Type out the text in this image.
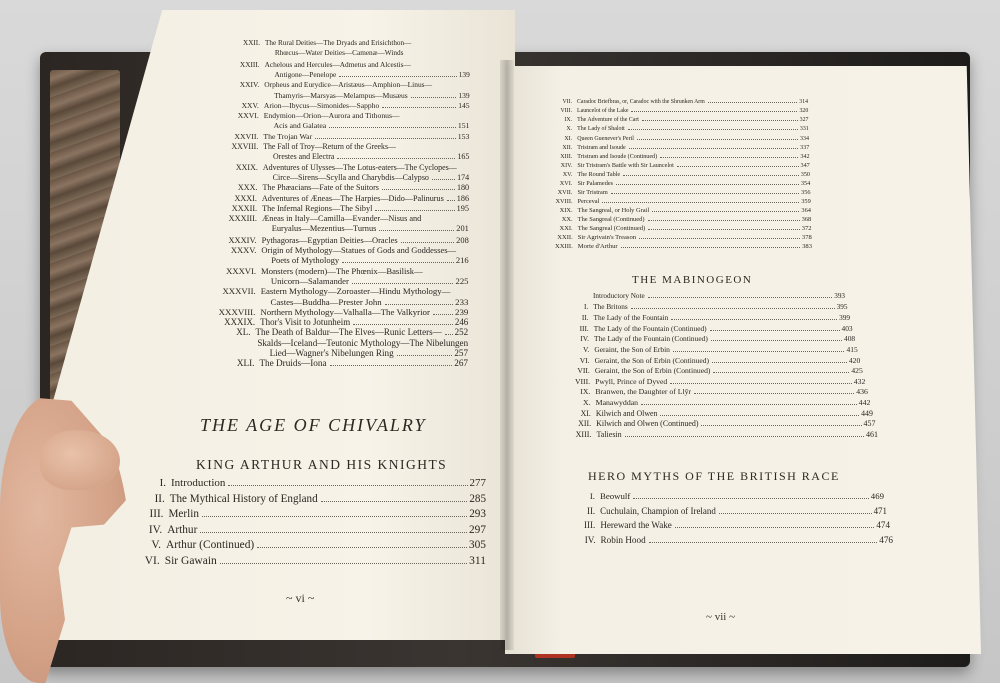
XXII. The Rural Deities—The Dryads and Erisichthon—
Rhœcus—Water Deities—Camenæ—Winds
XXIII. Achelous and Hercules—Admetus and Alcestis—
Antigone—Penelope	139
XXIV. Orpheus and Eurydice—Aristæus—Amphion—Linus—
Thamyris—Marsyas—Melampus—Musæus	139
XXV. Arion—Ibycus—Simonides—Sappho	145
XXVI. Endymion—Orion—Aurora and Tithonus—
Acis and Galatea	151
XXVII. The Trojan War	153
XXVIII. The Fall of Troy—Return of the Greeks—
Orestes and Electra	165
XXIX. Adventures of Ulysses—The Lotus-eaters—The Cyclopes—
Circe—Sirens—Scylla and Charybdis—Calypso	174
XXX. The Phæacians—Fate of the Suitors	180
XXXI. Adventures of Æneas—The Harpies—Dido—Palinurus 186
XXXII. The Infernal Regions—The Sibyl	195
XXXIII. Æneas in Italy—Camilla—Evander—Nisus and
Euryalus—Mezentius—Turnus	201
XXXIV. Pythagoras—Egyptian Deities—Oracles	208
XXXV. Origin of Mythology—Statues of Gods and Goddesses—
Poets of Mythology	216
XXXVI. Monsters (modern)—The Phœnix—Basilisk—
Unicorn—Salamander	225
XXXVII. Eastern Mythology—Zoroaster—Hindu Mythology—
Castes—Buddha—Prester John	233
XXXVIII. Northern Mythology—Valhalla—The Valkyrior	239
XXXIX. Thor's Visit to Jotunheim	246
XL. The Death of Baldur—The Elves—Runic Letters— 252
Skalds—Iceland—Teutonic Mythology—The Nibelungen
Lied—Wagner's Nibelungen Ring	257
XLI. The Druids—Iona	267
THE AGE OF CHIVALRY
KING ARTHUR AND HIS KNIGHTS
I. Introduction	277
II. The Mythical History of England	285
III. Merlin	293
IV. Arthur	297
V. Arthur (Continued)	305
VI. Sir Gawain	311
~ vi ~
VII. Caradoc Briefbras, or, Caradoc with the Shrunken Arm	314
VIII. Launcelot of the Lake	320
IX. The Adventure of the Cart	327
X. The Lady of Shalott	331
XI. Queen Guenever's Peril	334
XII. Tristram and Isoude	337
XIII. Tristram and Isoude (Continued)	342
XIV. Sir Tristram's Battle with Sir Launcelot	347
XV. The Round Table	350
XVI. Sir Palamedes	354
XVII. Sir Tristram	356
XVIII. Perceval	359
XIX. The Sangreal, or Holy Grail	364
XX. The Sangreal (Continued)	368
XXI. The Sangreal (Continued)	372
XXII. Sir Agrivain's Treason	378
XXIII. Morte d'Arthur	383
THE MABINOGEON
Introductory Note	393
I. The Britons	395
II. The Lady of the Fountain	399
III. The Lady of the Fountain (Continued)	403
IV. The Lady of the Fountain (Continued)	408
V. Geraint, the Son of Erbin	415
VI. Geraint, the Son of Erbin (Continued)	420
VII. Geraint, the Son of Erbin (Continued)	425
VIII. Pwyll, Prince of Dyved	432
IX. Branwen, the Daughter of Llŷr	436
X. Manawyddan	442
XI. Kilwich and Olwen	449
XII. Kilwich and Olwen (Continued)	457
XIII. Taliesin	461
HERO MYTHS OF THE BRITISH RACE
I. Beowulf	469
II. Cuchulain, Champion of Ireland	471
III. Hereward the Wake	474
IV. Robin Hood	476
~ vii ~
